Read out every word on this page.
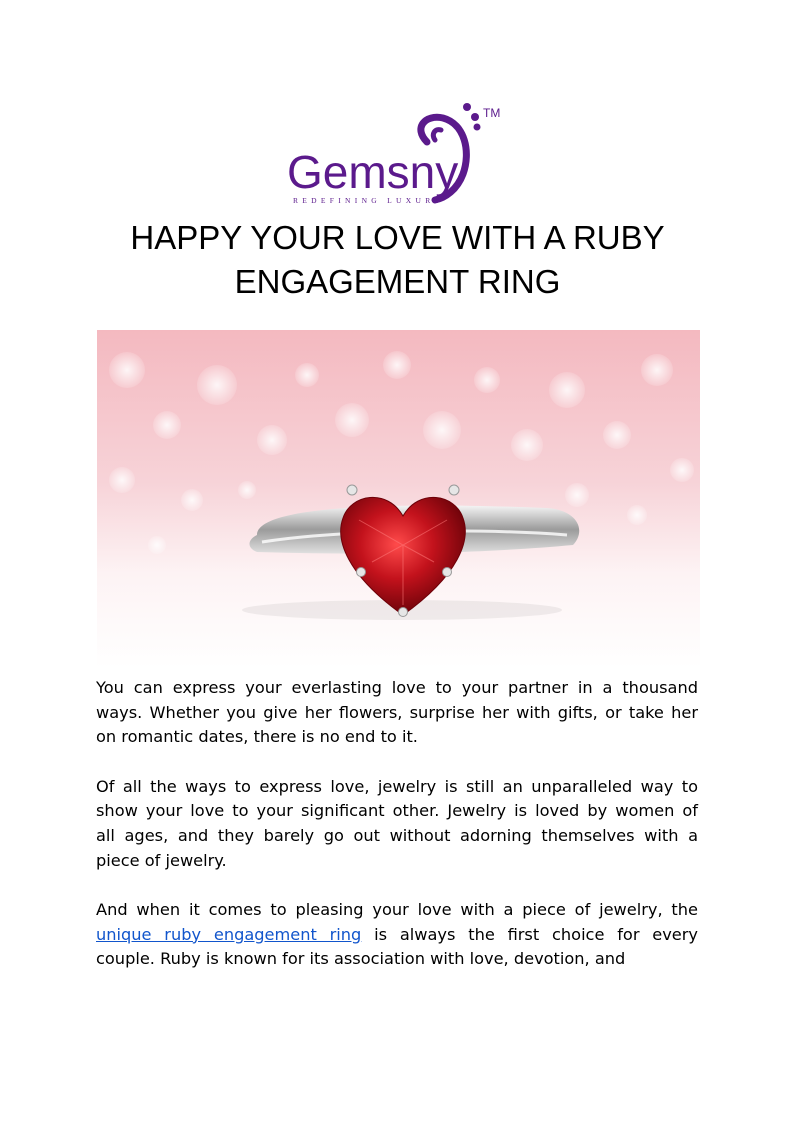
TM
Gemsny
REDEFINING LUXURY
HAPPY YOUR LOVE WITH A RUBY
ENGAGEMENT RING

You can express your everlasting love to your partner in a thousand
ways. Whether you give her flowers, surprise her with gifts, or take her
on romantic dates, there is no end to it.

Of all the ways to express love, jewelry is still an unparalleled way to
show your love to your significant other. Jewelry is loved by women of
all ages, and they barely go out without adorning themselves with a
piece of jewelry.

And when it comes to pleasing your love with a piece of jewelry, the
unique ruby engagement ring is always the first choice for every
couple. Ruby is known for its association with love, devotion, and
